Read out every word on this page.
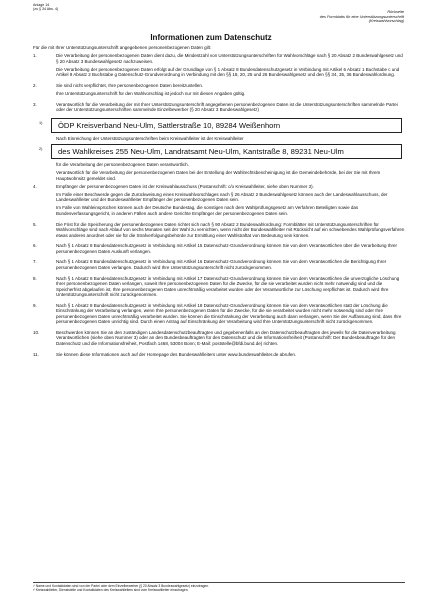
Anlage 14
(zu § 34 Abs. 4)
Rückseite
des Formblatts für eine Unterstützungsunterschrift
(Kreiswahlvorschlag)
Informationen zum Datenschutz

Für die mit Ihrer Unterstützungsunterschrift angegebenen personenbezogenen Daten gilt:

1.	Die Verarbeitung der personenbezogenen Daten dient dazu, die Mindestzahl von Unterstützungsunterschriften für Wahlvorschläge nach § 20 Absatz 2 Bundeswahlgesetz und § 20 Absatz 3 Bundeswahlgesetz nachzuweisen.

Die Verarbeitung der personenbezogenen Daten erfolgt auf der Grundlage von § 1 Absatz 8 Bundesdatenschutzgesetz in Verbindung mit Artikel 6 Absatz 1 Buchstabe c und Artikel 9 Absatz 2 Buchstabe g Datenschutz-Grundverordnung in Verbindung mit den §§ 18, 20, 25 und 26 Bundeswahlgesetz und den §§ 34, 35, 36 Bundeswahlordnung.

2.	Sie sind nicht verpflichtet, Ihre personenbezogenen Daten bereitzustellen.

Ihre Unterstützungsunterschrift für den Wahlvorschlag ist jedoch nur mit diesen Angaben gültig.

3.	Verantwortlich für die Verarbeitung der mit Ihrer Unterstützungsunterschrift angegebenen personenbezogenen Daten ist die Unterstützungsunterschriften sammelnde Partei oder der Unterstützungsunterschriften sammelnde Einzelbewerber (§ 20 Absatz 3 Bundeswahlgesetz)

1)	ÖDP Kreisverband Neu-Ulm, Sattlerstraße 10, 89284 Weißenhorn

Nach Einreichung der Unterstützungsunterschriften beim Kreiswahlleiter ist der Kreiswahlleiter

2)	des Wahlkreises 255 Neu-Ulm, Landratsamt Neu-Ulm, Kantstraße 8, 89231 Neu-Ulm

für die Verarbeitung der personenbezogenen Daten verantwortlich.

Verantwortlich für die Verarbeitung der personenbezogenen Daten bei der Erstellung der Wahlrechtsbescheinigung ist die Gemeindebehörde, bei der Sie mit Ihrem Hauptwohnsitz gemeldet sind.

4.	Empfänger der personenbezogenen Daten ist der Kreiswahlausschuss (Postanschrift: c/o Kreiswahlleiter, siehe oben Nummer 3).

Im Falle einer Beschwerde gegen die Zurückweisung eines Kreiswahlvorschlages nach § 26 Absatz 2 Bundeswahlgesetz können auch der Landeswahlausschuss, der Landeswahlleiter und der Bundeswahlleiter Empfänger der personenbezogenen Daten sein.

Im Falle von Wahleinsprüchen können auch der Deutsche Bundestag, die sonstigen nach dem Wahlprüfungsgesetz am Verfahren Beteiligten sowie das Bundesverfassungsgericht, in anderen Fällen auch andere Gerichte Empfänger der personenbezogenen Daten sein.

5.	Die Frist für die Speicherung der personenbezogenen Daten richtet sich nach § 90 Absatz 2 Bundeswahlordnung: Formblätter mit Unterstützungsunterschriften für Wahlvorschläge sind nach Ablauf von sechs Monaten seit der Wahl zu vernichten, wenn nicht der Bundeswahlleiter mit Rücksicht auf ein schwebendes Wahlprüfungsverfahren etwas anderes anordnet oder sie für die Strafverfolgungsbehörde zur Ermittlung einer Wahlstraftat von Bedeutung sein können.

6.	Nach § 1 Absatz 8 Bundesdatenschutzgesetz in Verbindung mit Artikel 15 Datenschutz-Grundverordnung können Sie von dem Verantwortlichen über die Verarbeitung Ihrer personenbezogenen Daten Auskunft verlangen.

7.	Nach § 1 Absatz 8 Bundesdatenschutzgesetz in Verbindung mit Artikel 16 Datenschutz-Grundverordnung können Sie von dem Verantwortlichen die Berichtigung Ihrer personenbezogenen Daten verlangen. Dadurch wird Ihre Unterstützungsunterschrift nicht zurückgenommen.

8.	Nach § 1 Absatz 8 Bundesdatenschutzgesetz in Verbindung mit Artikel 17 Datenschutz-Grundverordnung können Sie von dem Verantwortlichen die unverzügliche Löschung Ihrer personenbezogenen Daten verlangen, soweit Ihre personenbezogenen Daten für die Zwecke, für die sie verarbeitet wurden nicht mehr notwendig sind und die Speicherfrist abgelaufen ist, Ihre personenbezogenen Daten unrechtmäßig verarbeitet wurden oder der Verantwortliche zur Löschung verpflichtet ist. Dadurch wird Ihre Unterstützungsunterschrift nicht zurückgenommen.

9.	Nach § 1 Absatz 8 Bundesdatenschutzgesetz in Verbindung mit Artikel 18 Datenschutz-Grundverordnung können Sie von dem Verantwortlichen statt der Löschung die Einschränkung der Verarbeitung verlangen, wenn Ihre personenbezogenen Daten für die Zwecke, für die sie verarbeitet wurden nicht mehr notwendig sind oder Ihre personenbezogenen Daten unrechtmäßig verarbeitet wurden. Sie können die Einschränkung der Verarbeitung auch dann verlangen, wenn Sie der Auffassung sind, dass Ihre personenbezogenen Daten unrichtig sind. Durch einen Antrag auf Einschränkung der Verarbeitung wird Ihre Unterstützungsunterschrift nicht zurückgenommen.

10.	Beschwerden können Sie an den zuständigen Landesdatenschutzbeauftragten und gegebenenfalls an den Datenschutzbeauftragten des jeweils für die Datenverarbeitung Verantwortlichen (siehe oben Nummer 3) oder an den Bundesbeauftragten für den Datenschutz und die Informationsfreiheit (Postanschrift: Der Bundesbeauftragte für den Datenschutz und die Informationsfreiheit, Postfach 1468, 53004 Bonn; E-Mail: poststelle@bfdi.bund.de) richten.

11.	Sie können diese Informationen auch auf der Homepage des Bundeswahlleiters unter www.bundeswahlleiter.de abrufen.

¹⁾ Name und Kontaktdaten sind von der Partei oder dem Einzelbewerber (§ 20 Absatz 3 Bundeswahlgesetz) einzutragen.
²⁾ Kreiswahlleiter, Dienststelle und Kontaktdaten des Kreiswahlleiters sind vom Kreiswahlleiter einzutragen.
